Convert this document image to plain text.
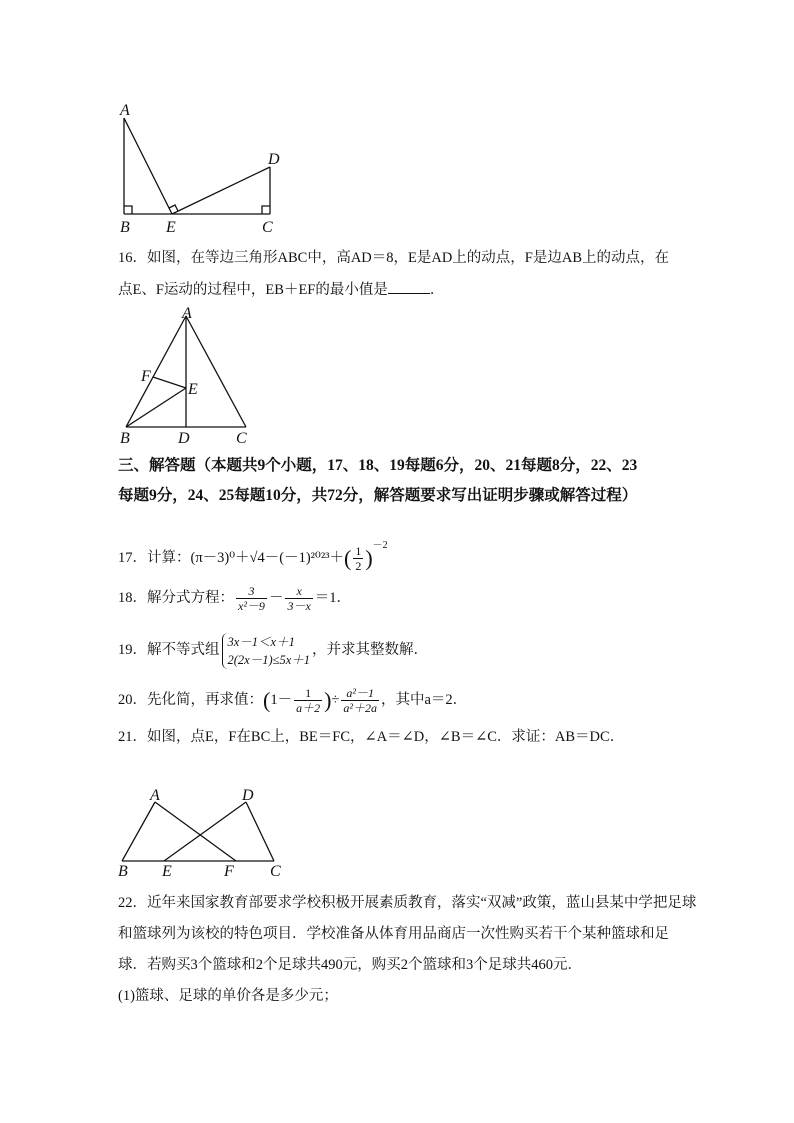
A
B E	C
D
16．如图，在等边三角形ABC中，高AD＝8，E是AD上的动点，F是边AB上的动点，在
点E、F运动的过程中，EB＋EF的最小值是	．
A
F
E
B	D	C
三、解答题（本题共9个小题，17、18、19每题6分，20、21每题8分，22、23
每题9分，24、25每题10分，共72分，解答题要求写出证明步骤或解答过程）
17．计算：$(\pi-3)^0+√4-(-1)^{2023}+( \frac{1}{2} )^{-2}$
18．解分式方程： $\frac{3}{\text{x²－9}} - \frac{x}{3-x} =1$．
19．解不等式组
3x－1＜x＋1
2(2x－1)≤5x＋1
，并求其整数解．
20．先化简，再求值：($1- \frac{1}{a+2}$ )÷ $\frac{\text{a²－1}}{\text{a²＋2a}}$ ，其中a＝2．
21．如图，点E，F在BC上，BE＝FC，∠A＝∠D，∠B＝∠C．求证：AB＝DC．
A	D
B E	F C
22．近年来国家教育部要求学校积极开展素质教育，落实“双减”政策，蓝山县某中学把足球
和篮球列为该校的特色项目．学校准备从体育用品商店一次性购买若干个某种篮球和足
球．若购买3个篮球和2个足球共490元，购买2个篮球和3个足球共460元．
(1)篮球、足球的单价各是多少元；
